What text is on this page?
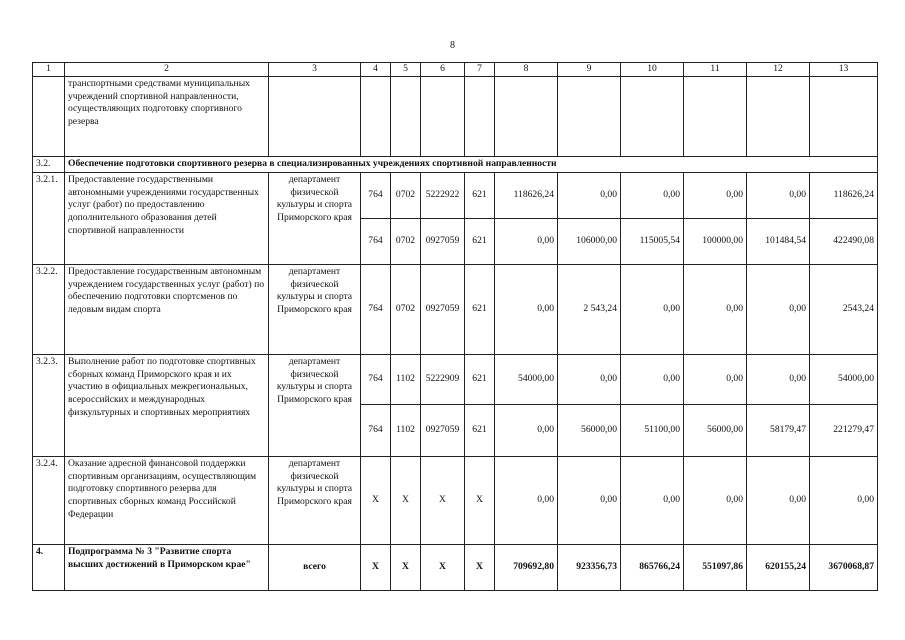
8
1	2	3	4	5	6	7	8	9	10	11	12	13
	транспортными средствами муниципальных учреждений спортивной направленности, осуществляющих подготовку спортивного резерва											
3.2.	Обеспечение подготовки спортивного резерва в специализированных учреждениях спортивной направленности											
3.2.1.	Предоставление государственными автономными учреждениями государственных услуг (работ) по предоставлению дополнительного образования детей спортивной направленности	департамент физической культуры и спорта Приморского края	764	0702	5222922	621	118626,24	0,00	0,00	0,00	0,00	118626,24
			764	0702	0927059	621	0,00	106000,00	115005,54	100000,00	101484,54	422490,08
3.2.2.	Предоставление государственным автономным учреждением государственных услуг (работ) по обеспечению подготовки спортсменов по ледовым видам спорта	департамент физической культуры и спорта Приморского края	764	0702	0927059	621	0,00	2 543,24	0,00	0,00	0,00	2543,24
3.2.3.	Выполнение работ по подготовке спортивных сборных команд Приморского края и их участию в официальных межрегиональных, всероссийских и международных физкультурных и спортивных мероприятиях	департамент физической культуры и спорта Приморского края	764	1102	5222909	621	54000,00	0,00	0,00	0,00	0,00	54000,00
			764	1102	0927059	621	0,00	56000,00	51100,00	56000,00	58179,47	221279,47
3.2.4.	Оказание адресной финансовой поддержки спортивным организациям, осуществляющим подготовку спортивного резерва для спортивных сборных команд Российской Федерации	департамент физической культуры и спорта Приморского края	Х	Х	Х	Х	0,00	0,00	0,00	0,00	0,00	0,00
4.	Подпрограмма № 3 "Развитие спорта высших достижений в Приморском крае"	всего	Х	Х	Х	Х	709692,80	923356,73	865766,24	551097,86	620155,24	3670068,87
